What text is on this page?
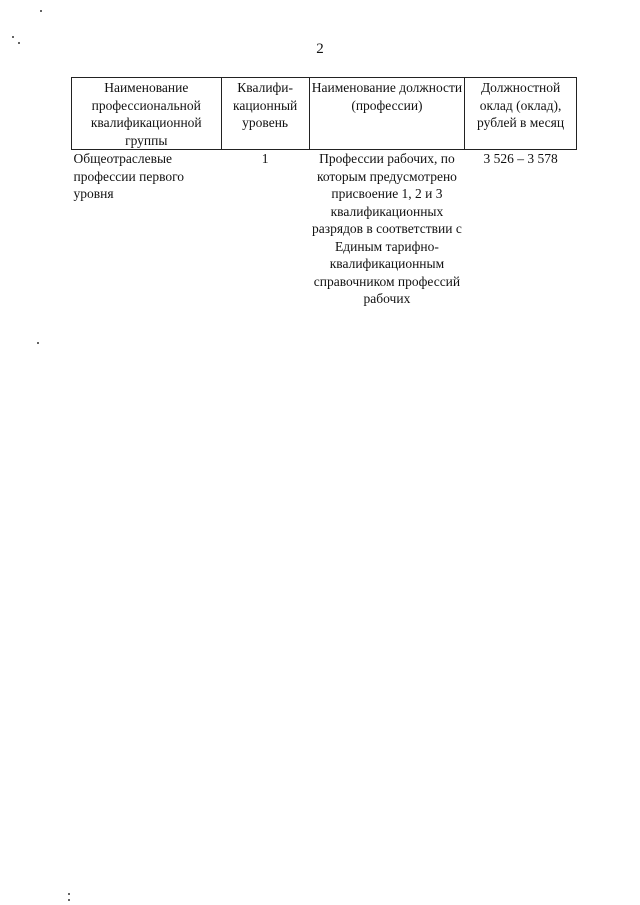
2
Наименование профессиональной квалификационной группы	Квалифи-кационный уровень	Наименование должности (профессии)	Должностной оклад (оклад), рублей в месяц
Общеотраслевые профессии первого уровня	1	Профессии рабочих, по которым предусмотрено присвоение 1, 2 и 3 квалификационных разрядов в соответствии с Единым тарифно-квалификационным справочником профессий рабочих	3 526 – 3 578
